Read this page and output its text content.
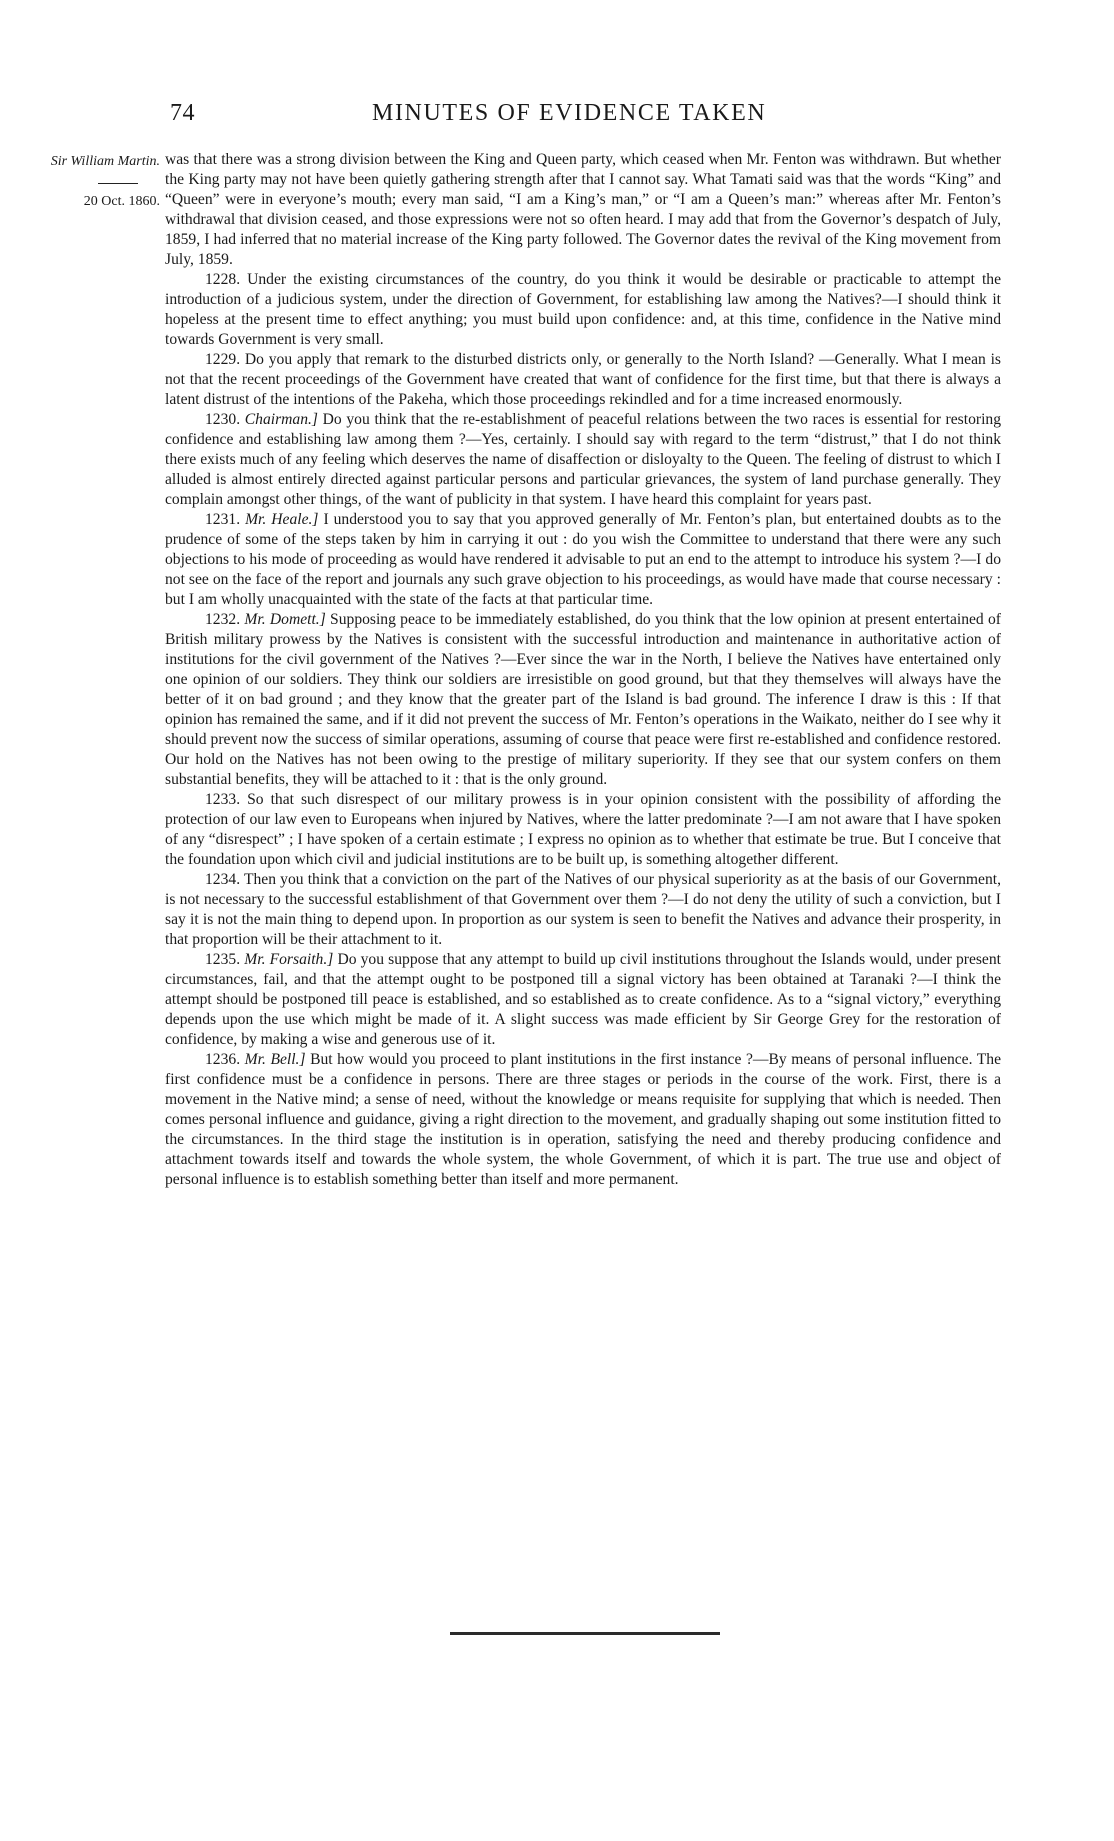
74	MINUTES OF EVIDENCE TAKEN
Sir William Martin.
20 Oct. 1860.

was that there was a strong division between the King and Queen party, which ceased when Mr. Fenton was withdrawn. But whether the King party may not have been quietly gathering strength after that I cannot say. What Tamati said was that the words “King” and “Queen” were in everyone’s mouth; every man said, “I am a King’s man,” or “I am a Queen’s man:” whereas after Mr. Fenton’s withdrawal that division ceased, and those expressions were not so often heard. I may add that from the Governor’s despatch of July, 1859, I had inferred that no material increase of the King party followed. The Governor dates the revival of the King movement from July, 1859.

1228. Under the existing circumstances of the country, do you think it would be desirable or practicable to attempt the introduction of a judicious system, under the direction of Government, for establishing law among the Natives?—I should think it hopeless at the present time to effect anything; you must build upon confidence: and, at this time, confidence in the Native mind towards Government is very small.

1229. Do you apply that remark to the disturbed districts only, or generally to the North Island? —Generally. What I mean is not that the recent proceedings of the Government have created that want of confidence for the first time, but that there is always a latent distrust of the intentions of the Pakeha, which those proceedings rekindled and for a time increased enormously.

1230. Chairman.] Do you think that the re-establishment of peaceful relations between the two races is essential for restoring confidence and establishing law among them ?—Yes, certainly. I should say with regard to the term “distrust,” that I do not think there exists much of any feeling which deserves the name of disaffection or disloyalty to the Queen. The feeling of distrust to which I alluded is almost entirely directed against particular persons and particular grievances, the system of land purchase generally. They complain amongst other things, of the want of publicity in that system. I have heard this complaint for years past.

1231. Mr. Heale.] I understood you to say that you approved generally of Mr. Fenton’s plan, but entertained doubts as to the prudence of some of the steps taken by him in carrying it out : do you wish the Committee to understand that there were any such objections to his mode of proceeding as would have rendered it advisable to put an end to the attempt to introduce his system ?—I do not see on the face of the report and journals any such grave objection to his proceedings, as would have made that course necessary : but I am wholly unacquainted with the state of the facts at that particular time.

1232. Mr. Domett.] Supposing peace to be immediately established, do you think that the low opinion at present entertained of British military prowess by the Natives is consistent with the successful introduction and maintenance in authoritative action of institutions for the civil government of the Natives ?—Ever since the war in the North, I believe the Natives have entertained only one opinion of our soldiers. They think our soldiers are irresistible on good ground, but that they themselves will always have the better of it on bad ground ; and they know that the greater part of the Island is bad ground. The inference I draw is this : If that opinion has remained the same, and if it did not prevent the success of Mr. Fenton’s operations in the Waikato, neither do I see why it should prevent now the success of similar operations, assuming of course that peace were first re-established and confidence restored. Our hold on the Natives has not been owing to the prestige of military superiority. If they see that our system confers on them substantial benefits, they will be attached to it : that is the only ground.

1233. So that such disrespect of our military prowess is in your opinion consistent with the possibility of affording the protection of our law even to Europeans when injured by Natives, where the latter predominate ?—I am not aware that I have spoken of any “disrespect” ; I have spoken of a certain estimate ; I express no opinion as to whether that estimate be true. But I conceive that the foundation upon which civil and judicial institutions are to be built up, is something altogether different.

1234. Then you think that a conviction on the part of the Natives of our physical superiority as at the basis of our Government, is not necessary to the successful establishment of that Government over them ?—I do not deny the utility of such a conviction, but I say it is not the main thing to depend upon. In proportion as our system is seen to benefit the Natives and advance their prosperity, in that proportion will be their attachment to it.

1235. Mr. Forsaith.] Do you suppose that any attempt to build up civil institutions throughout the Islands would, under present circumstances, fail, and that the attempt ought to be postponed till a signal victory has been obtained at Taranaki ?—I think the attempt should be postponed till peace is established, and so established as to create confidence. As to a “signal victory,” everything depends upon the use which might be made of it. A slight success was made efficient by Sir George Grey for the restoration of confidence, by making a wise and generous use of it.

1236. Mr. Bell.] But how would you proceed to plant institutions in the first instance ?—By means of personal influence. The first confidence must be a confidence in persons. There are three stages or periods in the course of the work. First, there is a movement in the Native mind; a sense of need, without the knowledge or means requisite for supplying that which is needed. Then comes personal influence and guidance, giving a right direction to the movement, and gradually shaping out some institution fitted to the circumstances. In the third stage the institution is in operation, satisfying the need and thereby producing confidence and attachment towards itself and towards the whole system, the whole Government, of which it is part. The true use and object of personal influence is to establish something better than itself and more permanent.
